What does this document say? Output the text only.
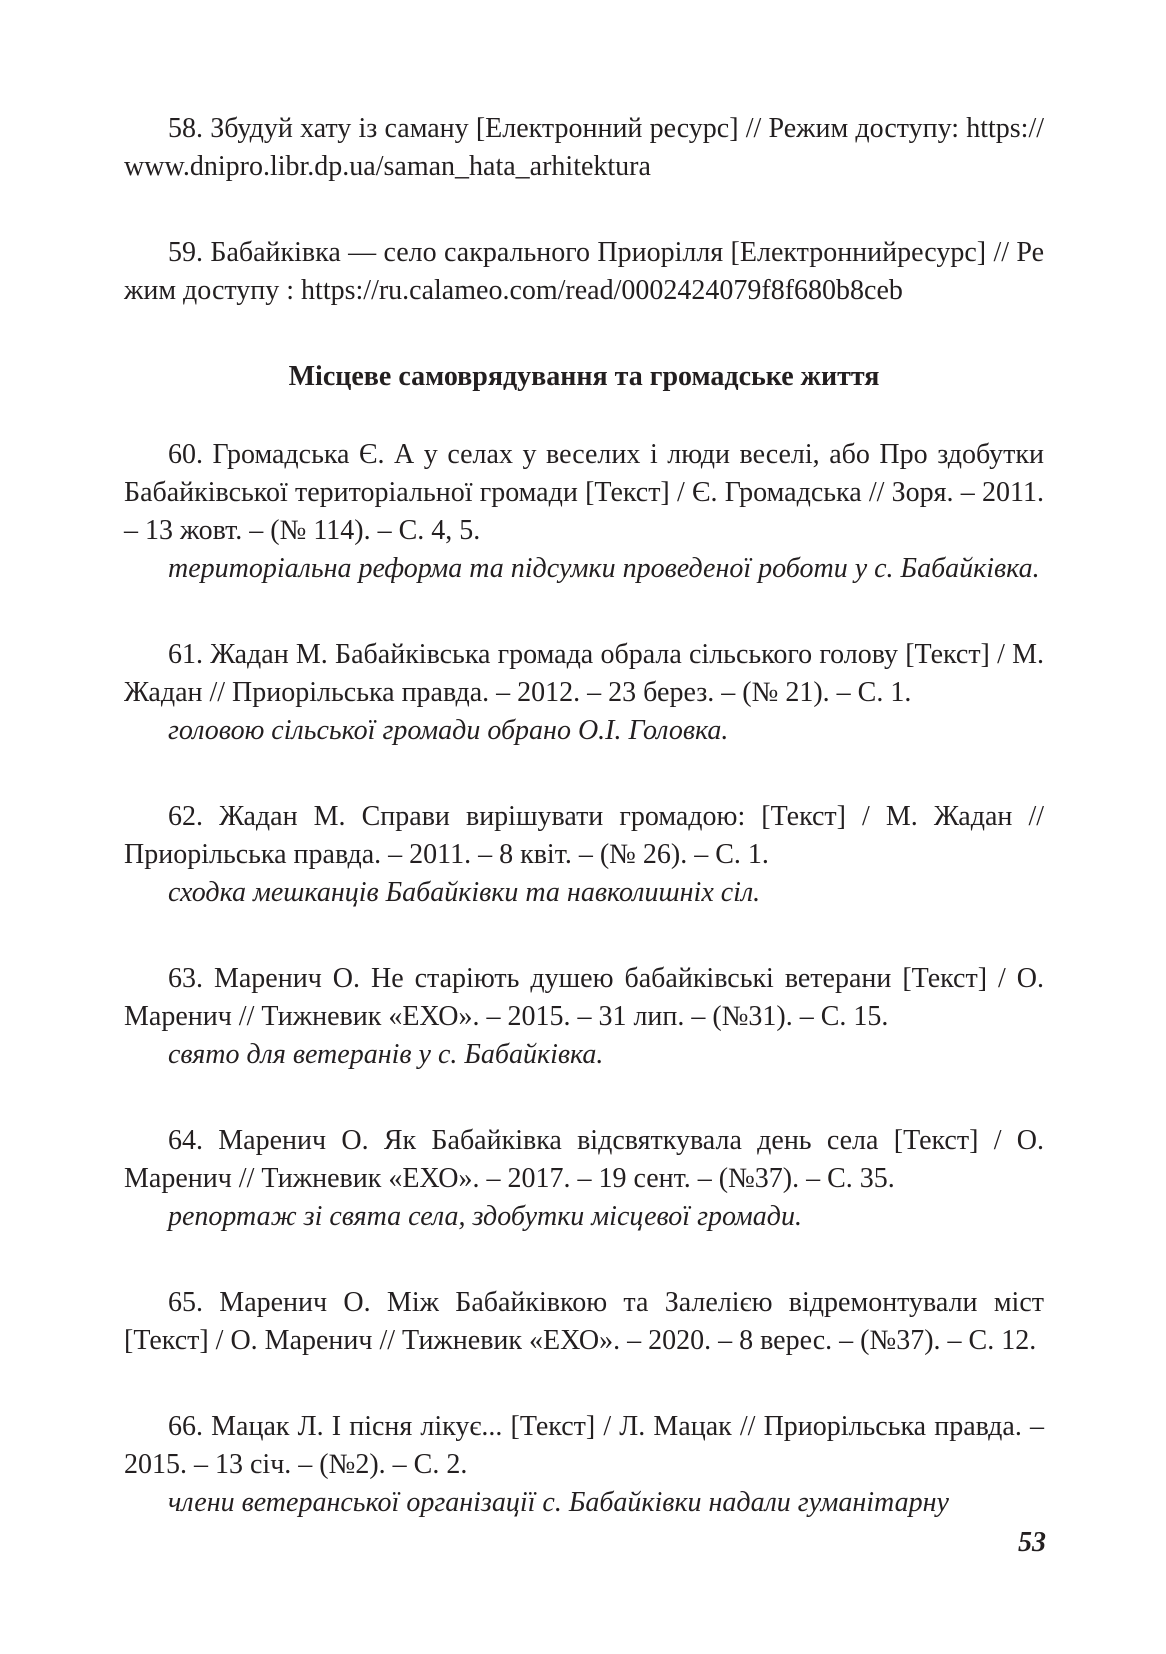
58. Збудуй хату із саману [Електронний ресурс] // Режим доступу: https://www.dnipro.libr.dp.ua/saman_hata_arhitektura

59. Бабайківка — село сакрального Приорілля [Електроннийресурс] // Режим доступу : https://ru.calameo.com/read/0002424079f8f680b8ceb

Місцеве самоврядування та громадське життя

60. Громадська Є. А у селах у веселих і люди веселі, або Про здобутки Бабайківської територіальної громади [Текст] / Є. Громадська // Зоря. – 2011. – 13 жовт. – (№ 114). – С. 4, 5.

територіальна реформа та підсумки проведеної роботи у с. Бабайківка.

61. Жадан М. Бабайківська громада обрала сільського голову [Текст] / М. Жадан // Приорільська правда. – 2012. – 23 берез. – (№ 21). – С. 1.

головою сільської громади обрано О.І. Головка.

62. Жадан М. Справи вирішувати громадою: [Текст] / М. Жадан // Приорільська правда. – 2011. – 8 квіт. – (№ 26). – С. 1.

сходка мешканців Бабайківки та навколишніх сіл.

63. Маренич О. Не старіють душею бабайківські ветерани [Текст] / О. Маренич // Тижневик «ЕХО». – 2015. – 31 лип. – (№31). – С. 15.

свято для ветеранів у с. Бабайківка.

64. Маренич О. Як Бабайківка відсвяткувала день села [Текст] / О. Маренич // Тижневик «ЕХО». – 2017. – 19 сент. – (№37). – С. 35.

репортаж зі свята села, здобутки місцевої громади.

65. Маренич О. Між Бабайківкою та Залелією відремонтували міст [Текст] / О. Маренич // Тижневик «ЕХО». – 2020. – 8 верес. – (№37). – С. 12.

66. Мацак Л. І пісня лікує... [Текст] / Л. Мацак // Приорільська правда. – 2015. – 13 січ. – (№2). – С. 2.

члени ветеранської організації с. Бабайківки надали гуманітарну

53
